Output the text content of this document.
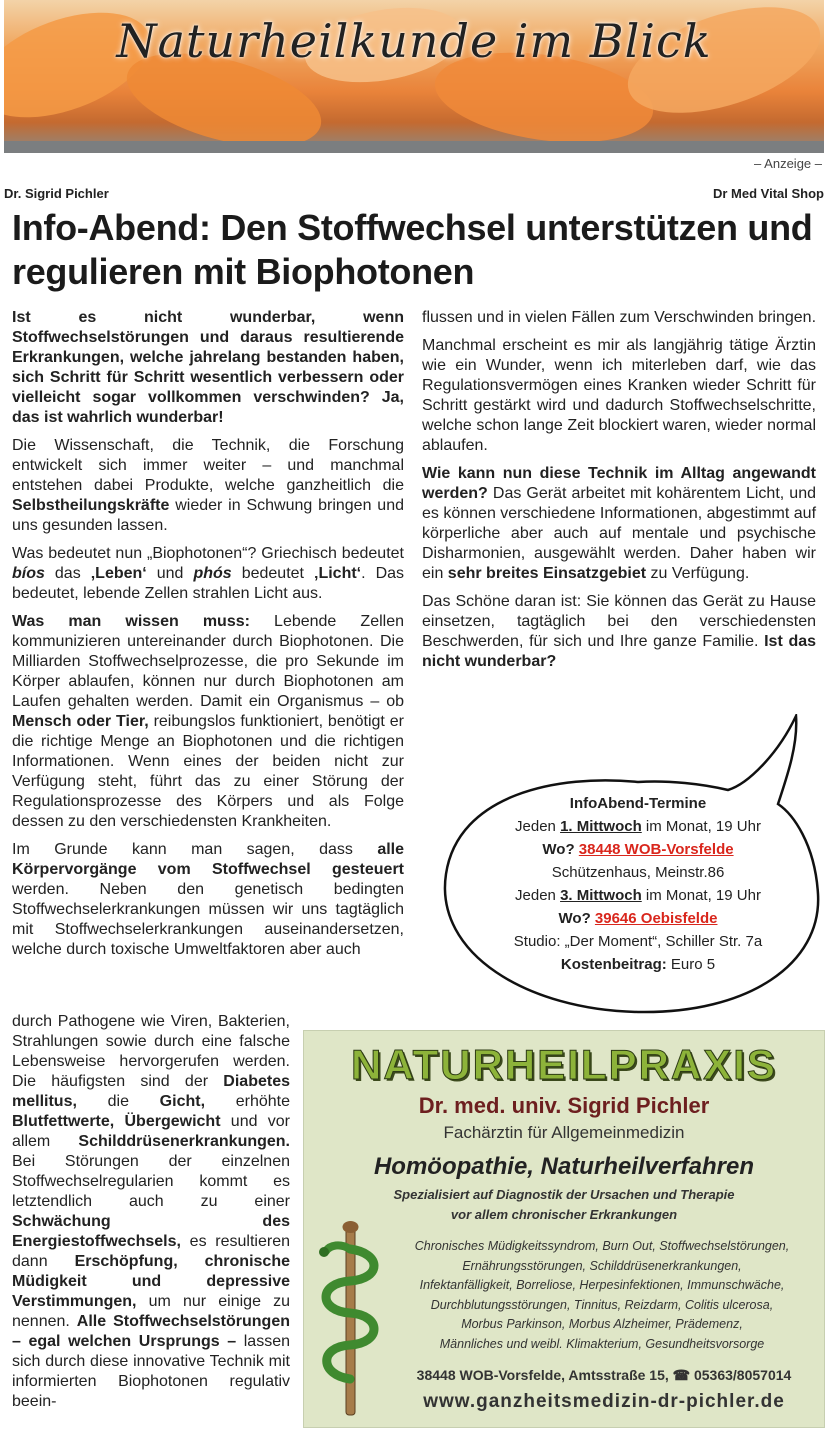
Naturheilkunde im Blick
– Anzeige –
Dr. Sigrid Pichler	Dr Med Vital Shop
Info-Abend: Den Stoffwechsel unterstützen und regulieren mit Biophotonen

Ist es nicht wunderbar, wenn Stoffwechselstörungen und daraus resultierende Erkrankungen, welche jahrelang bestanden haben, sich Schritt für Schritt wesentlich verbessern oder vielleicht sogar vollkommen verschwinden? Ja, das ist wahrlich wunderbar!

Die Wissenschaft, die Technik, die Forschung entwickelt sich immer weiter – und manchmal entstehen dabei Produkte, welche ganzheitlich die Selbstheilungskräfte wieder in Schwung bringen und uns gesunden lassen.

Was bedeutet nun „Biophotonen“? Griechisch bedeutet bíos das ‚Leben‘ und phós bedeutet ‚Licht‘. Das bedeutet, lebende Zellen strahlen Licht aus.

Was man wissen muss: Lebende Zellen kommunizieren untereinander durch Biophotonen. Die Milliarden Stoffwechselprozesse, die pro Sekunde im Körper ablaufen, können nur durch Biophotonen am Laufen gehalten werden. Damit ein Organismus – ob Mensch oder Tier, reibungslos funktioniert, benötigt er die richtige Menge an Biophotonen und die richtigen Informationen. Wenn eines der beiden nicht zur Verfügung steht, führt das zu einer Störung der Regulationsprozesse des Körpers und als Folge dessen zu den verschiedensten Krankheiten.

Im Grunde kann man sagen, dass alle Körpervorgänge vom Stoffwechsel gesteuert werden. Neben den genetisch bedingten Stoffwechselerkrankungen müssen wir uns tagtäglich mit Stoffwechselerkrankungen auseinandersetzen, welche durch toxische Umweltfaktoren aber auch

durch Pathogene wie Viren, Bakterien, Strahlungen sowie durch eine falsche Lebensweise hervorgerufen werden. Die häufigsten sind der Diabetes mellitus, die Gicht, erhöhte Blutfettwerte, Übergewicht und vor allem Schilddrüsenerkrankungen. Bei Störungen der einzelnen Stoffwechselregularien kommt es letztendlich auch zu einer Schwächung des Energiestoffwechsels, es resultieren dann Erschöpfung, chronische Müdigkeit und depressive Verstimmungen, um nur einige zu nennen. Alle Stoffwechselstörungen – egal welchen Ursprungs – lassen sich durch diese innovative Technik mit informierten Biophotonen regulativ beein-

flussen und in vielen Fällen zum Verschwinden bringen.

Manchmal erscheint es mir als langjährig tätige Ärztin wie ein Wunder, wenn ich miterleben darf, wie das Regulationsvermögen eines Kranken wieder Schritt für Schritt gestärkt wird und dadurch Stoffwechselschritte, welche schon lange Zeit blockiert waren, wieder normal ablaufen.

Wie kann nun diese Technik im Alltag angewandt werden? Das Gerät arbeitet mit kohärentem Licht, und es können verschiedene Informationen, abgestimmt auf körperliche aber auch auf mentale und psychische Disharmonien, ausgewählt werden. Daher haben wir ein sehr breites Einsatzgebiet zu Verfügung.

Das Schöne daran ist: Sie können das Gerät zu Hause einsetzen, tagtäglich bei den verschiedensten Beschwerden, für sich und Ihre ganze Familie. Ist das nicht wunderbar?

InfoAbend-Termine
Jeden 1. Mittwoch im Monat, 19 Uhr
Wo? 38448 WOB-Vorsfelde
Schützenhaus, Meinstr.86
Jeden 3. Mittwoch im Monat, 19 Uhr
Wo? 39646 Oebisfelde
Studio: „Der Moment“, Schiller Str. 7a
Kostenbeitrag: Euro 5
NATURHEILPRAXIS
Dr. med. univ. Sigrid Pichler
Fachärztin für Allgemeinmedizin
Homöopathie, Naturheilverfahren
Spezialisiert auf Diagnostik der Ursachen und Therapie
vor allem chronischer Erkrankungen
Chronisches Müdigkeitssyndrom, Burn Out, Stoffwechselstörungen,
Ernährungsstörungen, Schilddrüsenerkrankungen,
Infektanfälligkeit, Borreliose, Herpesinfektionen, Immunschwäche,
Durchblutungsstörungen, Tinnitus, Reizdarm, Colitis ulcerosa,
Morbus Parkinson, Morbus Alzheimer, Prädemenz,
Männliches und weibl. Klimakterium, Gesundheitsvorsorge
38448 WOB-Vorsfelde, Amtsstraße 15, ☎ 05363/8057014
www.ganzheitsmedizin-dr-pichler.de
